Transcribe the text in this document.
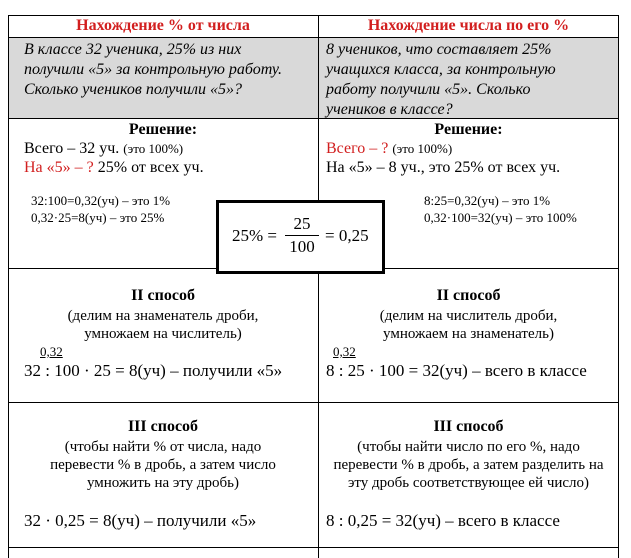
Нахождение % от числа	Нахождение числа по его %
В классе 32 ученика, 25% из них получили «5» за контрольную работу. Сколько учеников получили «5»?
8 учеников, что составляет 25% учащихся класса, за контрольную работу получили «5». Сколько учеников в классе?
Решение:
Всего – 32 уч. (это 100%)
На «5» – ? 25% от всех уч.
32:100=0,32(уч) – это 1%
0,32·25=8(уч) – это 25%
Решение:
Всего – ? (это 100%)
На «5» – 8 уч., это 25% от всех уч.
8:25=0,32(уч) – это 1%
0,32·100=32(уч) – это 100%
25% =
25
100
= 0,25
II способ
(делим на знаменатель дроби,
умножаем на числитель)
0,32
32 : 100 · 25 = 8(уч) – получили «5»
II способ
(делим на числитель дроби,
умножаем на знаменатель)
0,32
8 : 25 · 100 = 32(уч) – всего в классе
III способ
(чтобы найти % от числа, надо
перевести % в дробь, а затем число
умножить на эту дробь)
32 · 0,25 = 8(уч) – получили «5»
III способ
(чтобы найти число по его %, надо
перевести % в дробь, а затем разделить на
эту дробь соответствующее ей число)
8 : 0,25 = 32(уч) – всего в классе
